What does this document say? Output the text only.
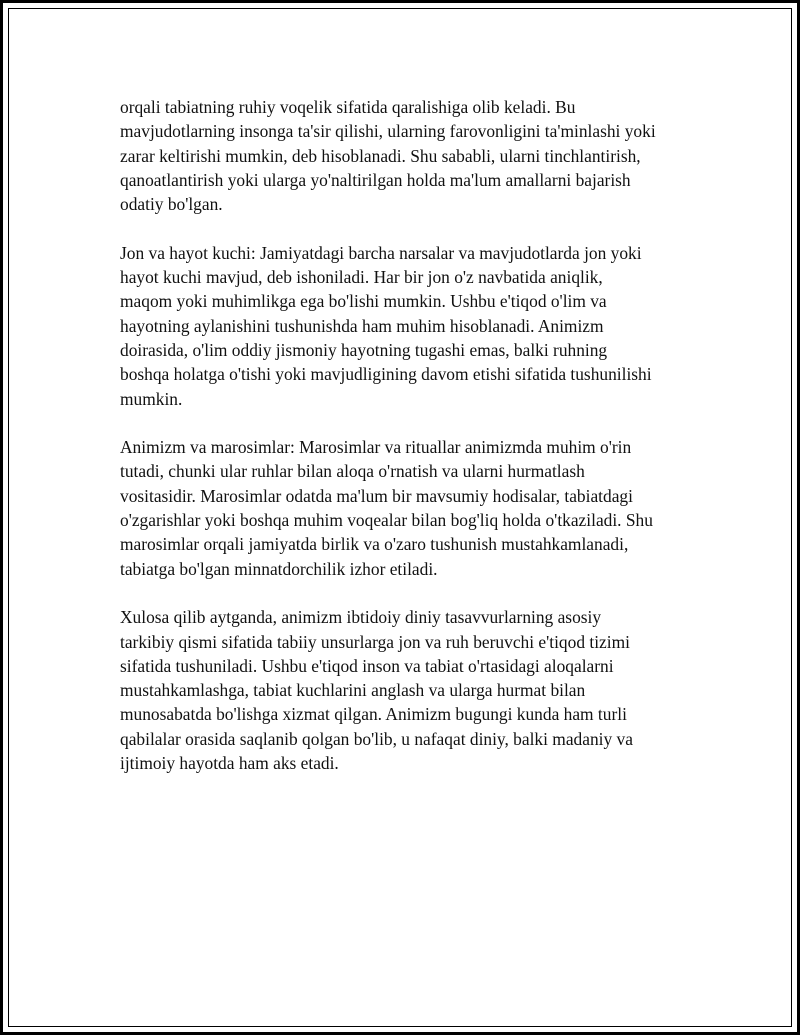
orqali tabiatning ruhiy voqelik sifatida qaralishiga olib keladi. Bu
mavjudotlarning insonga ta'sir qilishi, ularning farovonligini ta'minlashi yoki
zarar keltirishi mumkin, deb hisoblanadi. Shu sababli, ularni tinchlantirish,
qanoatlantirish yoki ularga yo'naltirilgan holda ma'lum amallarni bajarish
odatiy bo'lgan.

Jon va hayot kuchi: Jamiyatdagi barcha narsalar va mavjudotlarda jon yoki
hayot kuchi mavjud, deb ishoniladi. Har bir jon o'z navbatida aniqlik,
maqom yoki muhimlikga ega bo'lishi mumkin. Ushbu e'tiqod o'lim va
hayotning aylanishini tushunishda ham muhim hisoblanadi. Animizm
doirasida, o'lim oddiy jismoniy hayotning tugashi emas, balki ruhning
boshqa holatga o'tishi yoki mavjudligining davom etishi sifatida tushunilishi
mumkin.

Animizm va marosimlar: Marosimlar va rituallar animizmda muhim o'rin
tutadi, chunki ular ruhlar bilan aloqa o'rnatish va ularni hurmatlash
vositasidir. Marosimlar odatda ma'lum bir mavsumiy hodisalar, tabiatdagi
o'zgarishlar yoki boshqa muhim voqealar bilan bog'liq holda o'tkaziladi. Shu
marosimlar orqali jamiyatda birlik va o'zaro tushunish mustahkamlanadi,
tabiatga bo'lgan minnatdorchilik izhor etiladi.

Xulosa qilib aytganda, animizm ibtidoiy diniy tasavvurlarning asosiy
tarkibiy qismi sifatida tabiiy unsurlarga jon va ruh beruvchi e'tiqod tizimi
sifatida tushuniladi. Ushbu e'tiqod inson va tabiat o'rtasidagi aloqalarni
mustahkamlashga, tabiat kuchlarini anglash va ularga hurmat bilan
munosabatda bo'lishga xizmat qilgan. Animizm bugungi kunda ham turli
qabilalar orasida saqlanib qolgan bo'lib, u nafaqat diniy, balki madaniy va
ijtimoiy hayotda ham aks etadi.
